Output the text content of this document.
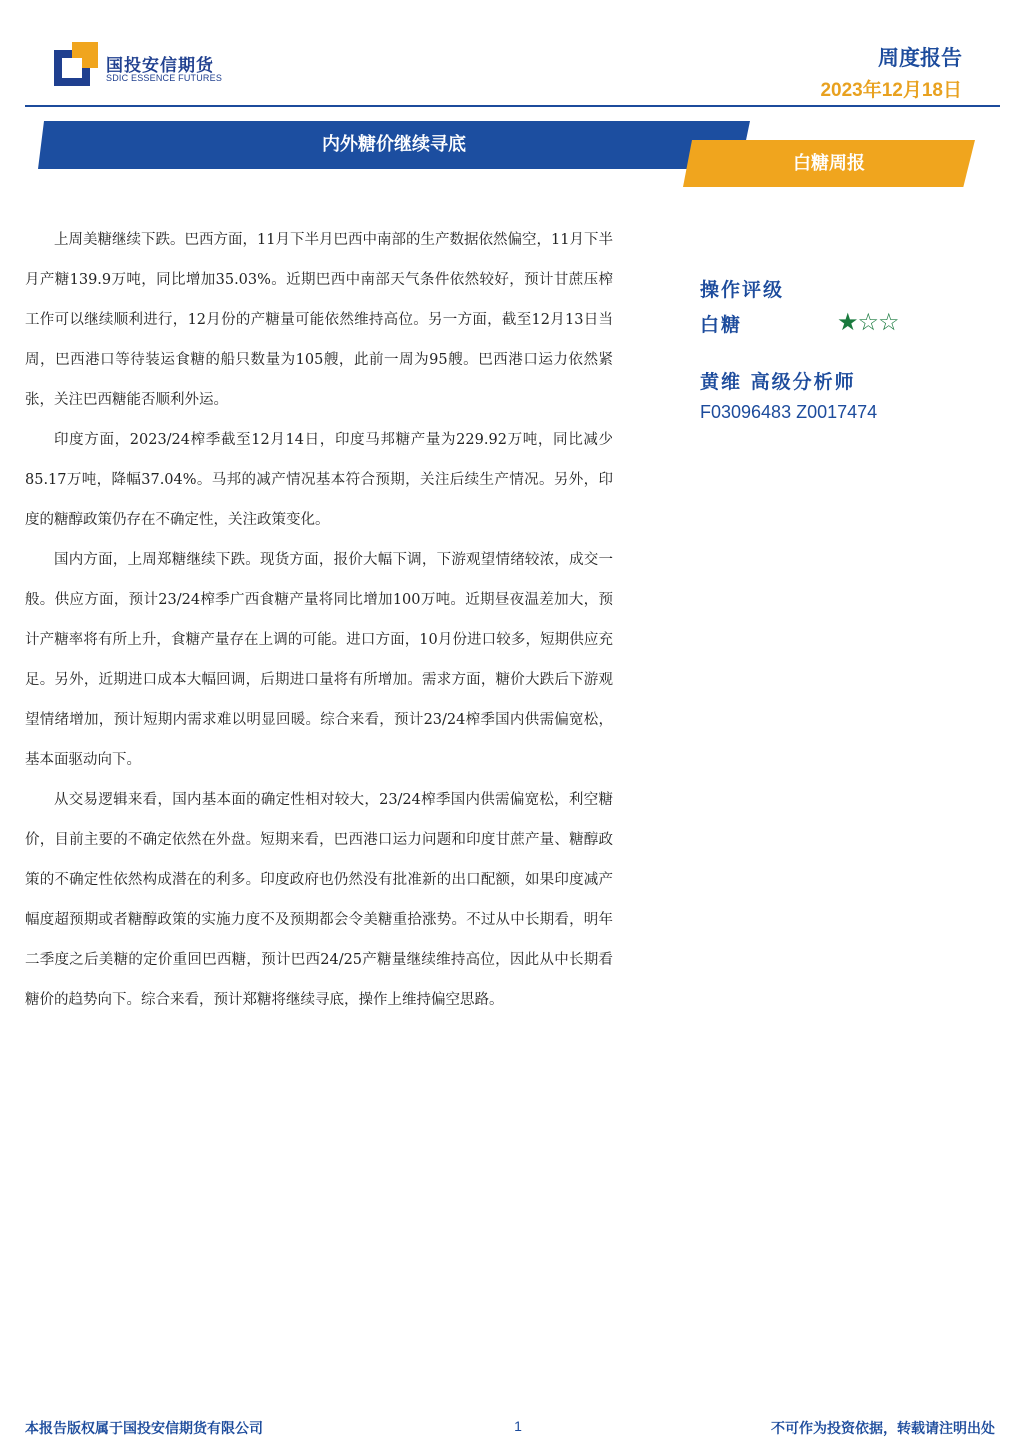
国投安信期货
SDIC ESSENCE FUTURES
周度报告
2023年12月18日
内外糖价继续寻底
白糖周报

上周美糖继续下跌。巴西方面，11月下半月巴西中南部的生产数据依然偏空，11月下半月产糖139.9万吨，同比增加35.03%。近期巴西中南部天气条件依然较好，预计甘蔗压榨工作可以继续顺利进行，12月份的产糖量可能依然维持高位。另一方面，截至12月13日当周，巴西港口等待装运食糖的船只数量为105艘，此前一周为95艘。巴西港口运力依然紧张，关注巴西糖能否顺利外运。

印度方面，2023/24榨季截至12月14日，印度马邦糖产量为229.92万吨，同比减少85.17万吨，降幅37.04%。马邦的减产情况基本符合预期，关注后续生产情况。另外，印度的糖醇政策仍存在不确定性，关注政策变化。

国内方面，上周郑糖继续下跌。现货方面，报价大幅下调，下游观望情绪较浓，成交一般。供应方面，预计23/24榨季广西食糖产量将同比增加100万吨。近期昼夜温差加大，预计产糖率将有所上升，食糖产量存在上调的可能。进口方面，10月份进口较多，短期供应充足。另外，近期进口成本大幅回调，后期进口量将有所增加。需求方面，糖价大跌后下游观望情绪增加，预计短期内需求难以明显回暖。综合来看，预计23/24榨季国内供需偏宽松，基本面驱动向下。

从交易逻辑来看，国内基本面的确定性相对较大，23/24榨季国内供需偏宽松，利空糖价，目前主要的不确定依然在外盘。短期来看，巴西港口运力问题和印度甘蔗产量、糖醇政策的不确定性依然构成潜在的利多。印度政府也仍然没有批准新的出口配额，如果印度减产幅度超预期或者糖醇政策的实施力度不及预期都会令美糖重拾涨势。不过从中长期看，明年二季度之后美糖的定价重回巴西糖，预计巴西24/25产糖量继续维持高位，因此从中长期看糖价的趋势向下。综合来看，预计郑糖将继续寻底，操作上维持偏空思路。

操作评级
白糖	★☆☆
黄维 高级分析师
F03096483 Z0017474
本报告版权属于国投安信期货有限公司	1	不可作为投资依据，转载请注明出处
